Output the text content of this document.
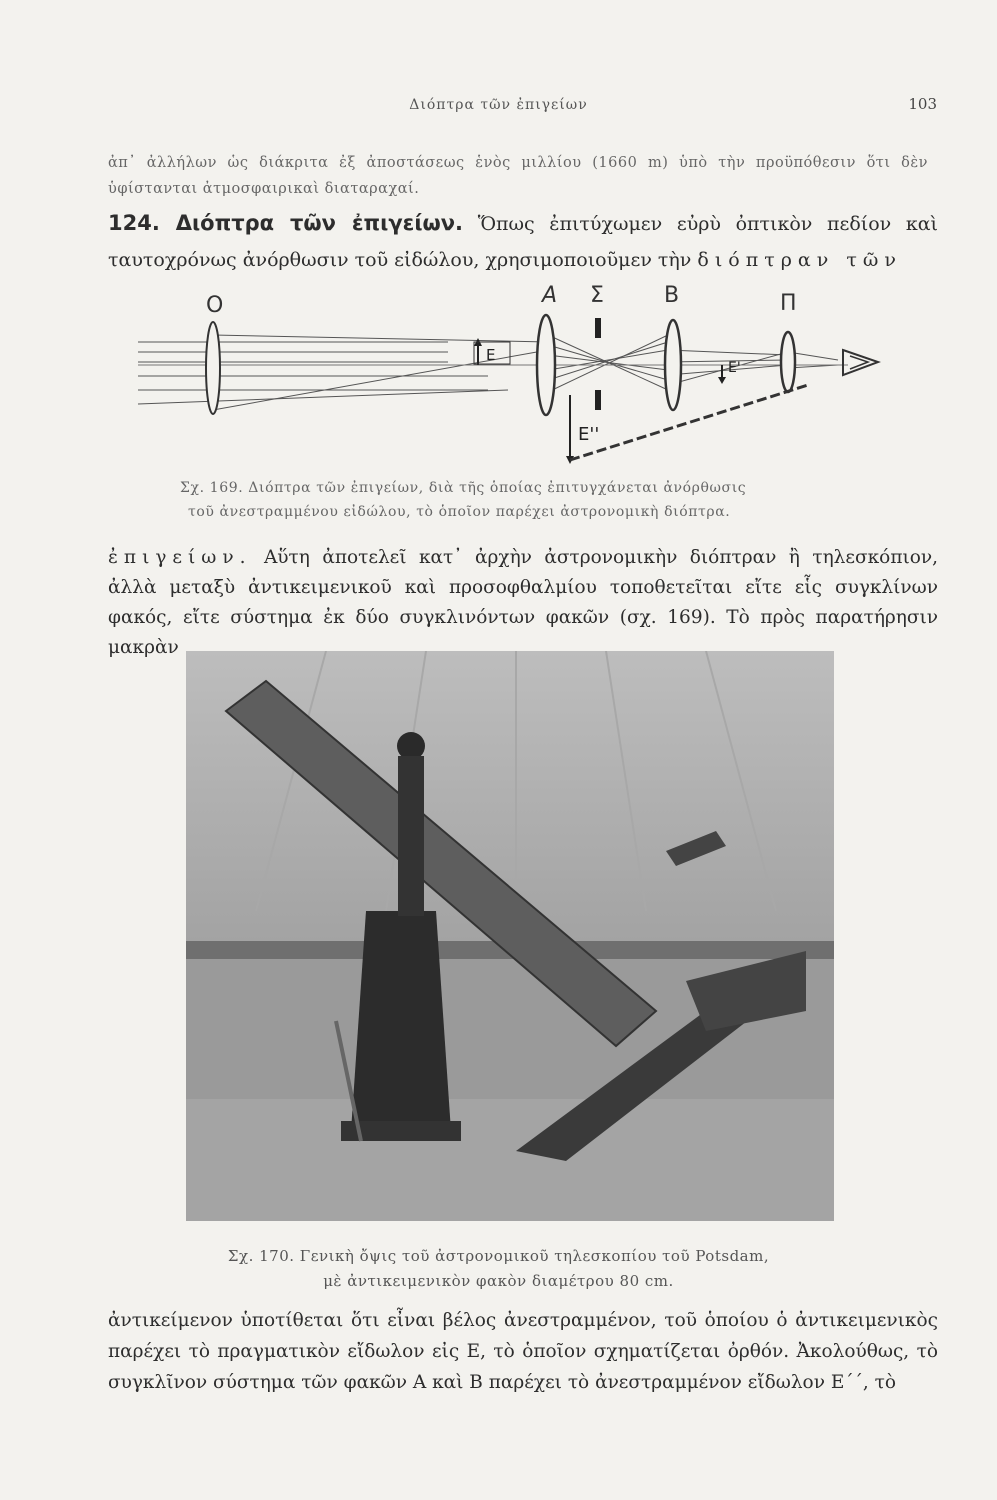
Διόπτρα τῶν ἐπιγείων	103

ἀπ᾽ ἀλλήλων ὡς διάκριτα ἐξ ἀποστάσεως ἑνὸς μιλλίου (1660 m) ὑπὸ τὴν προϋπόθεσιν ὅτι δὲν ὑφίστανται ἀτμοσφαιρικαὶ διαταραχαί.

124. Διόπτρα τῶν ἐπιγείων. Ὅπως ἐπιτύχωμεν εὐρὺ ὀπτικὸν πεδίον καὶ ταυτοχρόνως ἀνόρθωσιν τοῦ εἰδώλου, χρησιμοποιοῦμεν τὴν διόπτραν τῶν
O	A Σ	B	Π
E
E'
E''
Σχ. 169. Διόπτρα τῶν ἐπιγείων, διὰ τῆς ὁποίας ἐπιτυγχάνεται ἀνόρθωσις
τοῦ ἀνεστραμμένου εἰδώλου, τὸ ὁποῖον παρέχει ἀστρονομικὴ διόπτρα.

ἐπιγείων. Αὕτη ἀποτελεῖ κατ᾽ ἀρχὴν ἀστρονομικὴν διόπτραν ἢ τηλεσκόπιον, ἀλλὰ μεταξὺ ἀντικειμενικοῦ καὶ προσοφθαλμίου τοποθετεῖται εἴτε εἷς συγκλίνων φακός, εἴτε σύστημα ἐκ δύο συγκλινόντων φακῶν (σχ. 169). Τὸ πρὸς παρατήρησιν μακρὰν

Σχ. 170. Γενικὴ ὄψις τοῦ ἀστρονομικοῦ τηλεσκοπίου τοῦ Potsdam,
μὲ ἀντικειμενικὸν φακὸν διαμέτρου 80 cm.

ἀντικείμενον ὑποτίθεται ὅτι εἶναι βέλος ἀνεστραμμένον, τοῦ ὁποίου ὁ ἀντικειμενικὸς παρέχει τὸ πραγματικὸν εἴδωλον εἰς Ε, τὸ ὁποῖον σχηματίζεται ὀρθόν. Ἀκολούθως, τὸ συγκλῖνον σύστημα τῶν φακῶν Α καὶ Β παρέχει τὸ ἀνεστραμμένον εἴδωλον Ε΄΄, τὸ
